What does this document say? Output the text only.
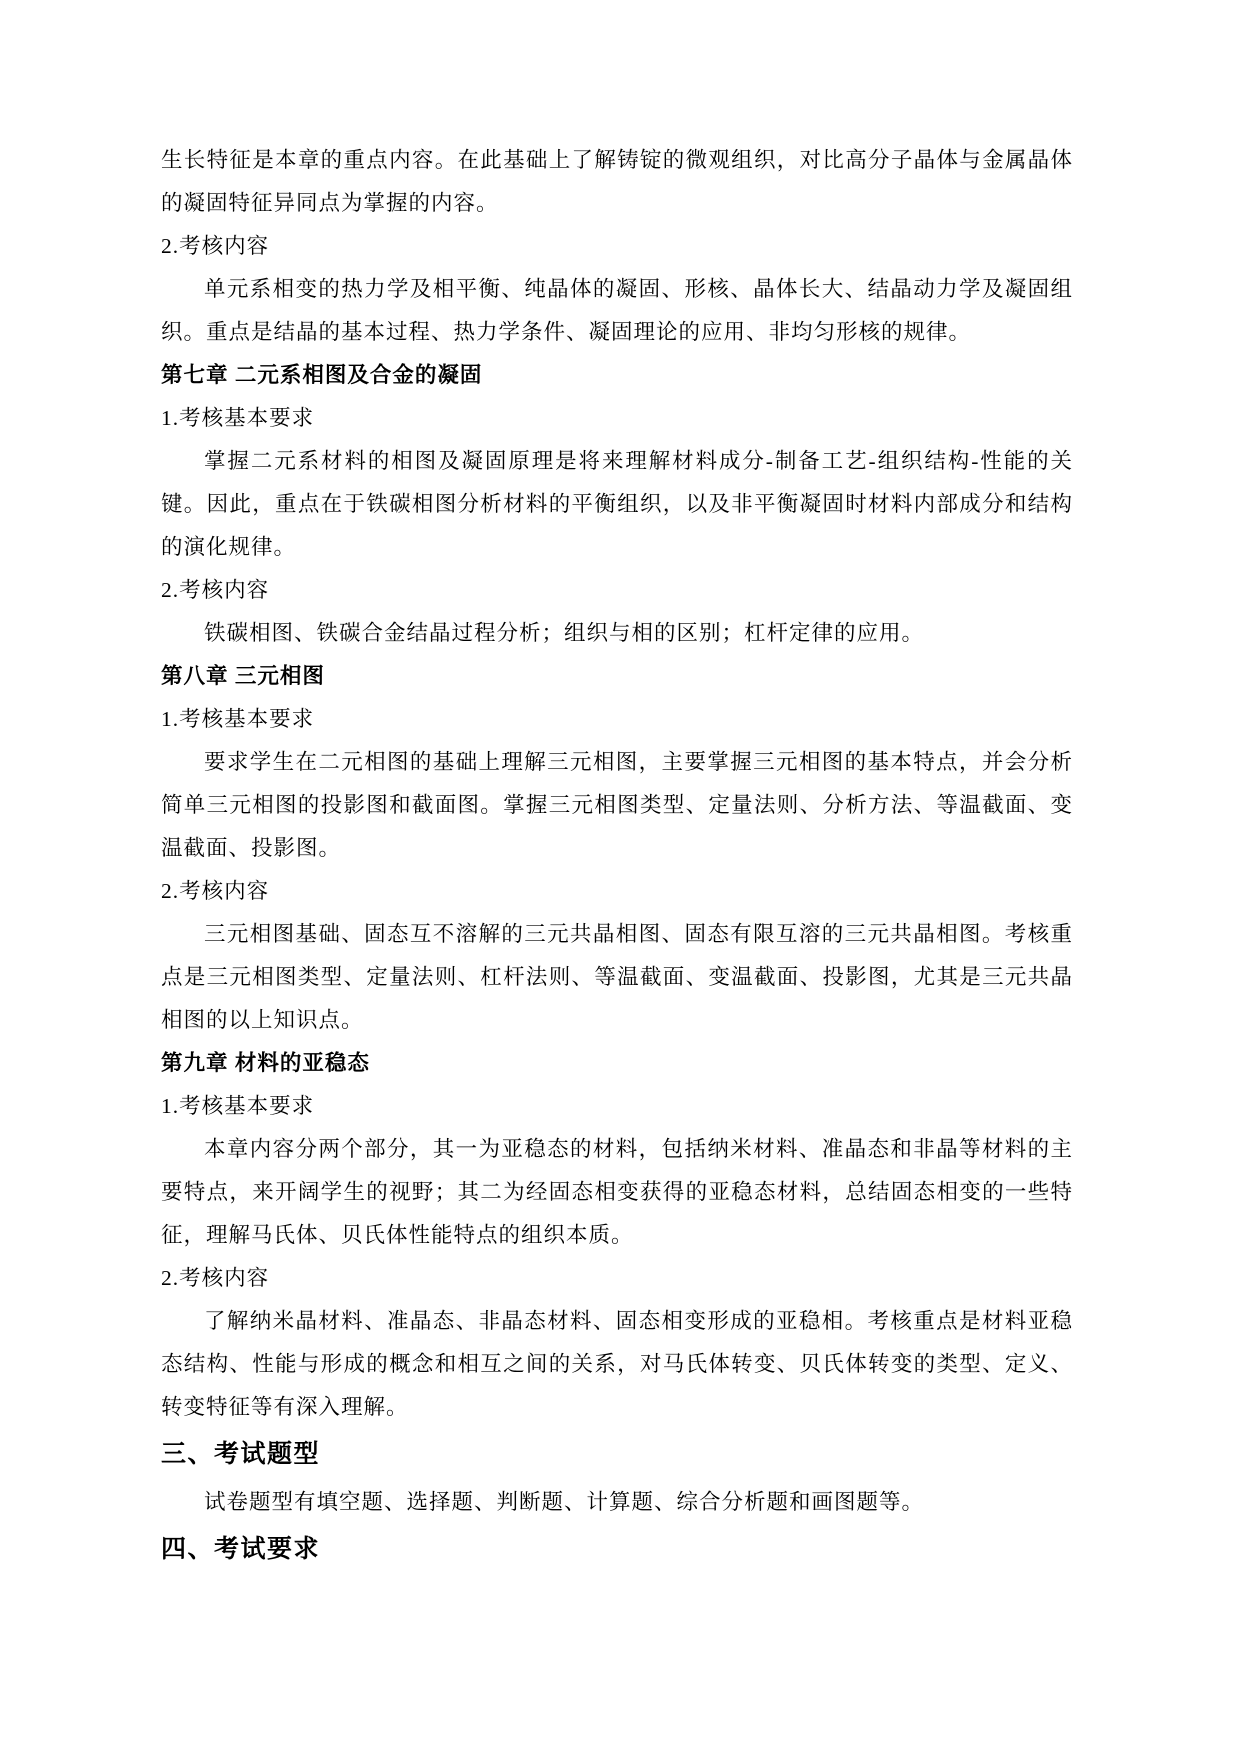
生长特征是本章的重点内容。在此基础上了解铸锭的微观组织，对比高分子晶体与金属晶体的凝固特征异同点为掌握的内容。
2.考核内容
单元系相变的热力学及相平衡、纯晶体的凝固、形核、晶体长大、结晶动力学及凝固组织。重点是结晶的基本过程、热力学条件、凝固理论的应用、非均匀形核的规律。
第七章 二元系相图及合金的凝固
1.考核基本要求
掌握二元系材料的相图及凝固原理是将来理解材料成分-制备工艺-组织结构-性能的关键。因此，重点在于铁碳相图分析材料的平衡组织，以及非平衡凝固时材料内部成分和结构的演化规律。
2.考核内容
铁碳相图、铁碳合金结晶过程分析；组织与相的区别；杠杆定律的应用。
第八章 三元相图
1.考核基本要求
要求学生在二元相图的基础上理解三元相图，主要掌握三元相图的基本特点，并会分析简单三元相图的投影图和截面图。掌握三元相图类型、定量法则、分析方法、等温截面、变温截面、投影图。
2.考核内容
三元相图基础、固态互不溶解的三元共晶相图、固态有限互溶的三元共晶相图。考核重点是三元相图类型、定量法则、杠杆法则、等温截面、变温截面、投影图，尤其是三元共晶相图的以上知识点。
第九章 材料的亚稳态
1.考核基本要求
本章内容分两个部分，其一为亚稳态的材料，包括纳米材料、准晶态和非晶等材料的主要特点，来开阔学生的视野；其二为经固态相变获得的亚稳态材料，总结固态相变的一些特征，理解马氏体、贝氏体性能特点的组织本质。
2.考核内容
了解纳米晶材料、准晶态、非晶态材料、固态相变形成的亚稳相。考核重点是材料亚稳态结构、性能与形成的概念和相互之间的关系，对马氏体转变、贝氏体转变的类型、定义、转变特征等有深入理解。
三、考试题型
试卷题型有填空题、选择题、判断题、计算题、综合分析题和画图题等。
四、考试要求
